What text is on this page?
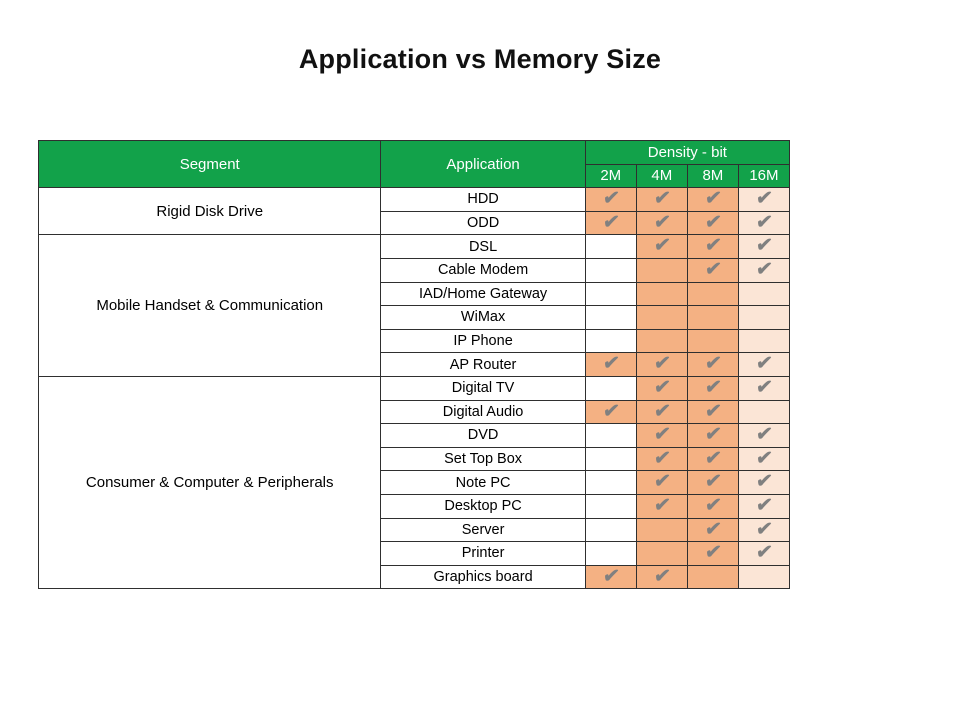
Application vs Memory Size
Segment	Application	Density - bit			
		2M	4M	8M	16M
Rigid Disk Drive	HDD	✔	✔	✔	✔

	ODD	✔	✔	✔	✔

Mobile Handset & Communication	DSL		✔	✔	✔

	Cable Modem			✔	✔

	IAD/Home Gateway				
	WiMax				
	IP Phone				
	AP Router	✔	✔	✔	✔

Consumer & Computer & Peripherals	Digital TV		✔	✔	✔

	Digital Audio	✔	✔	✔	

	DVD		✔	✔	✔

	Set Top Box		✔	✔	✔

	Note PC		✔	✔	✔

	Desktop PC		✔	✔	✔

	Server			✔	✔

	Printer			✔	✔

	Graphics board	✔	✔		
